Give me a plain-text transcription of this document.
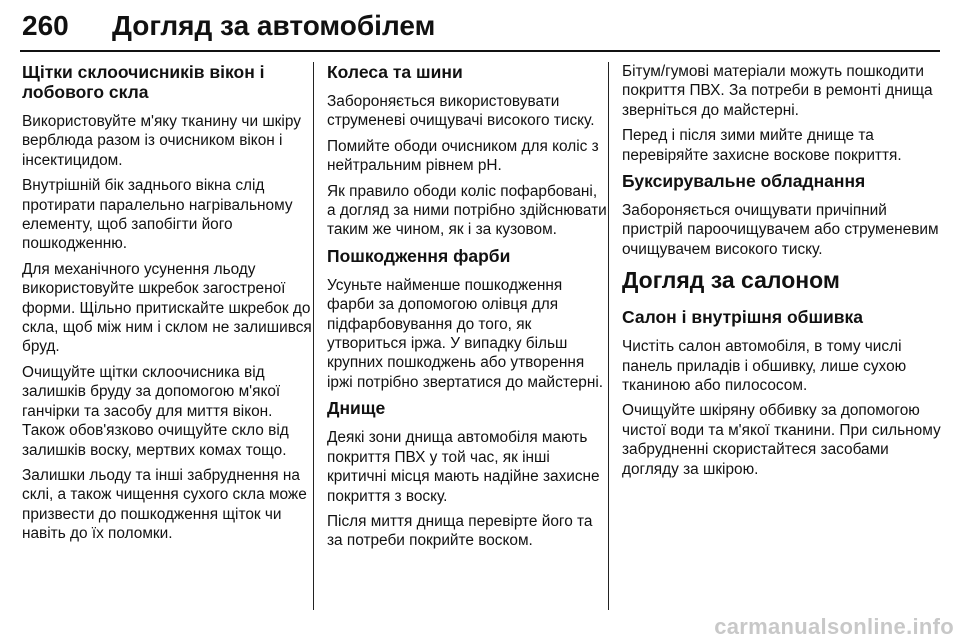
260 Догляд за автомобілем
Щітки склоочисників вікон і лобового скла

Використовуйте м'яку тканину чи шкіру верблюда разом із очисником вікон і інсектицидом.

Внутрішній бік заднього вікна слід протирати паралельно нагрівальному елементу, щоб запобігти його пошкодженню.

Для механічного усунення льоду використовуйте шкребок загостреної форми. Щільно притискайте шкребок до скла, щоб між ним і склом не залишився бруд.

Очищуйте щітки склоочисника від залишків бруду за допомогою м'якої ганчірки та засобу для миття вікон. Також обов'язково очищуйте скло від залишків воску, мертвих комах тощо.

Залишки льоду та інші забруднення на склі, а також чищення сухого скла може призвести до пошкодження щіток чи навіть до їх поломки.

Колеса та шини

Забороняється використовувати струменеві очищувачі високого тиску.

Помийте ободи очисником для коліс з нейтральним рівнем pH.

Як правило ободи коліс пофарбовані, а догляд за ними потрібно здійснювати таким же чином, як і за кузовом.

Пошкодження фарби

Усуньте найменше пошкодження фарби за допомогою олівця для підфарбовування до того, як утвориться іржа. У випадку більш крупних пошкоджень або утворення іржі потрібно звертатися до майстерні.

Днище

Деякі зони днища автомобіля мають покриття ПВХ у той час, як інші критичні місця мають надійне захисне покриття з воску.

Після миття днища перевірте його та за потреби покрийте воском.

Бітум/гумові матеріали можуть пошкодити покриття ПВХ. За потреби в ремонті днища зверніться до майстерні.

Перед і після зими мийте днище та перевіряйте захисне воскове покриття.

Буксирувальне обладнання

Забороняється очищувати причіпний пристрій пароочищувачем або струменевим очищувачем високого тиску.

Догляд за салоном
Салон і внутрішня обшивка

Чистіть салон автомобіля, в тому числі панель приладів і обшивку, лише сухою тканиною або пилососом.

Очищуйте шкіряну оббивку за допомогою чистої води та м'якої тканини. При сильному забрудненні скористайтеся засобами догляду за шкірою.

carmanualsonline.info
